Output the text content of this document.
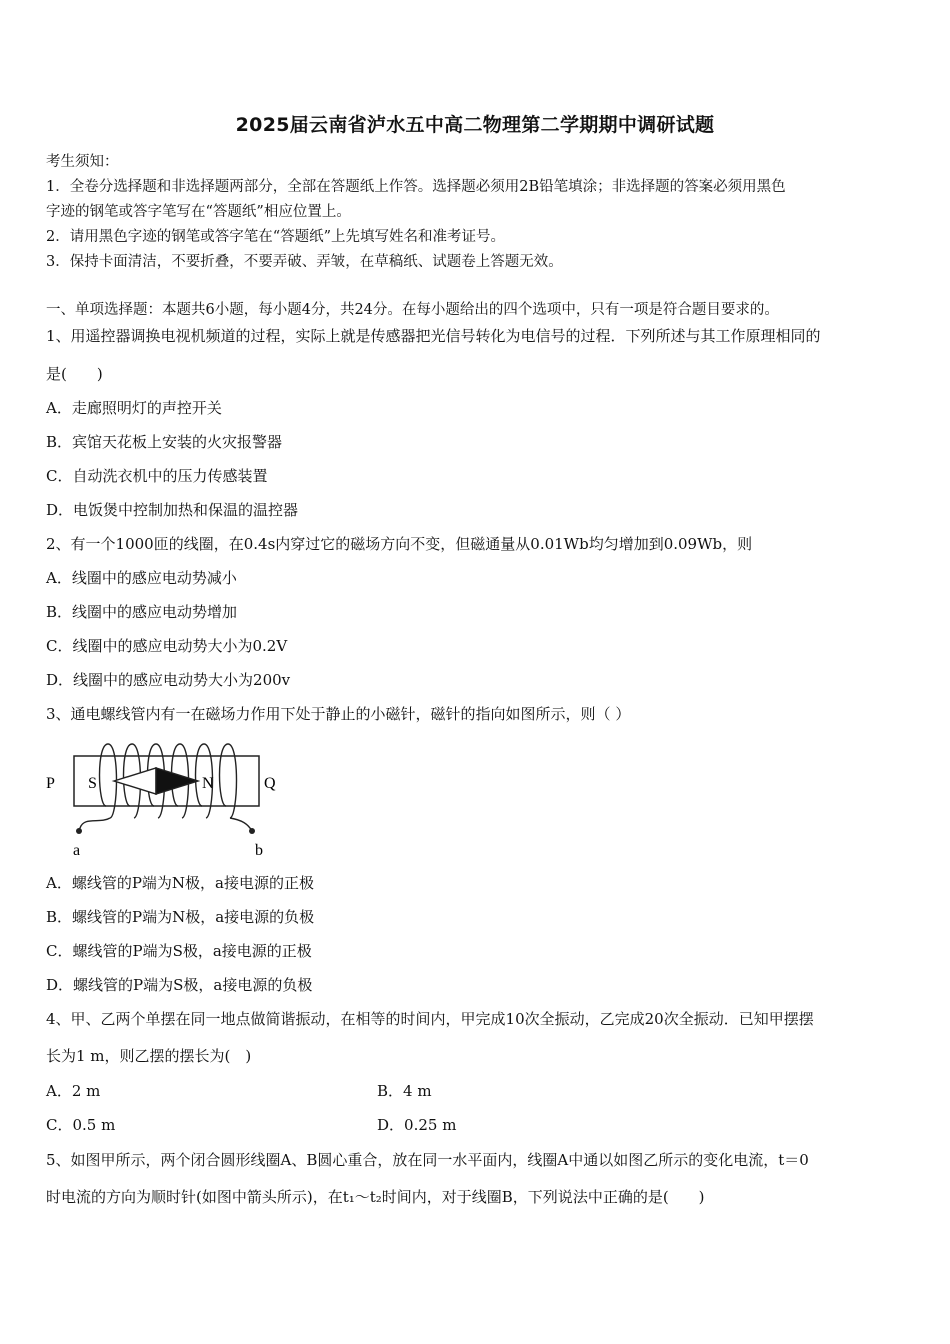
2025届云南省泸水五中高二物理第二学期期中调研试题
考生须知：
1．全卷分选择题和非选择题两部分，全部在答题纸上作答。选择题必须用2B铅笔填涂；非选择题的答案必须用黑色
字迹的钢笔或答字笔写在“答题纸”相应位置上。
2．请用黑色字迹的钢笔或答字笔在“答题纸”上先填写姓名和准考证号。
3．保持卡面清洁，不要折叠，不要弄破、弄皱，在草稿纸、试题卷上答题无效。
一、单项选择题：本题共6小题，每小题4分，共24分。在每小题给出的四个选项中，只有一项是符合题目要求的。
1、用遥控器调换电视机频道的过程，实际上就是传感器把光信号转化为电信号的过程．下列所述与其工作原理相同的
是(　　)
A．走廊照明灯的声控开关
B．宾馆天花板上安装的火灾报警器
C．自动洗衣机中的压力传感装置
D．电饭煲中控制加热和保温的温控器
2、有一个1000匝的线圈，在0.4s内穿过它的磁场方向不变，但磁通量从0.01Wb均匀增加到0.09Wb，则
A．线圈中的感应电动势减小
B．线圈中的感应电动势增加
C．线圈中的感应电动势大小为0.2V
D．线圈中的感应电动势大小为200v
3、通电螺线管内有一在磁场力作用下处于静止的小磁针，磁针的指向如图所示，则（ ）
P S	N	Q
a	b
A．螺线管的P端为N极，a接电源的正极
B．螺线管的P端为N极，a接电源的负极
C．螺线管的P端为S极，a接电源的正极
D．螺线管的P端为S极，a接电源的负极
4、甲、乙两个单摆在同一地点做简谐振动，在相等的时间内，甲完成10次全振动，乙完成20次全振动．已知甲摆摆
长为1 m，则乙摆的摆长为(　)
A．2 m	B．4 m
C．0.5 m	D．0.25 m
5、如图甲所示，两个闭合圆形线圈A、B圆心重合，放在同一水平面内，线圈A中通以如图乙所示的变化电流，t＝0
时电流的方向为顺时针(如图中箭头所示)，在t₁～t₂时间内，对于线圈B，下列说法中正确的是(　　)
